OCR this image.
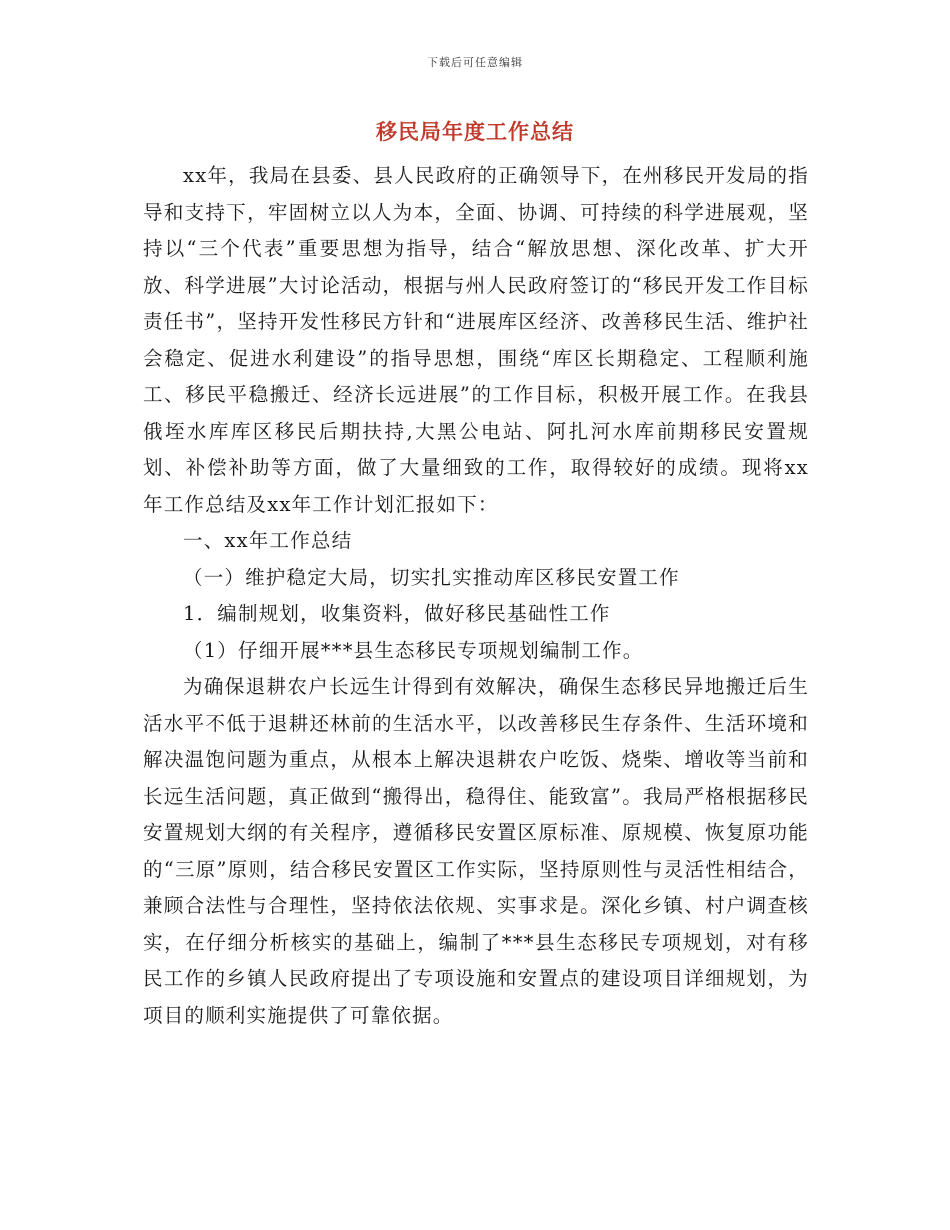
下载后可任意编辑
移民局年度工作总结

xx年，我局在县委、县人民政府的正确领导下，在州移民开发局的指导和支持下，牢固树立以人为本，全面、协调、可持续的科学进展观，坚持以“三个代表”重要思想为指导，结合“解放思想、深化改革、扩大开放、科学进展”大讨论活动，根据与州人民政府签订的“移民开发工作目标责任书”，坚持开发性移民方针和“进展库区经济、改善移民生活、维护社会稳定、促进水利建设”的指导思想，围绕“库区长期稳定、工程顺利施工、移民平稳搬迁、经济长远进展”的工作目标，积极开展工作。在我县俄垤水库库区移民后期扶持,大黑公电站、阿扎河水库前期移民安置规划、补偿补助等方面，做了大量细致的工作，取得较好的成绩。现将xx年工作总结及xx年工作计划汇报如下：

一、xx年工作总结

（一）维护稳定大局，切实扎实推动库区移民安置工作

1．编制规划，收集资料，做好移民基础性工作

（1）仔细开展***县生态移民专项规划编制工作。

为确保退耕农户长远生计得到有效解决，确保生态移民异地搬迁后生活水平不低于退耕还林前的生活水平，以改善移民生存条件、生活环境和解决温饱问题为重点，从根本上解决退耕农户吃饭、烧柴、增收等当前和长远生活问题，真正做到“搬得出，稳得住、能致富”。我局严格根据移民安置规划大纲的有关程序，遵循移民安置区原标准、原规模、恢复原功能的“三原”原则，结合移民安置区工作实际，坚持原则性与灵活性相结合，兼顾合法性与合理性，坚持依法依规、实事求是。深化乡镇、村户调查核实，在仔细分析核实的基础上，编制了***县生态移民专项规划，对有移民工作的乡镇人民政府提出了专项设施和安置点的建设项目详细规划，为项目的顺利实施提供了可靠依据。
